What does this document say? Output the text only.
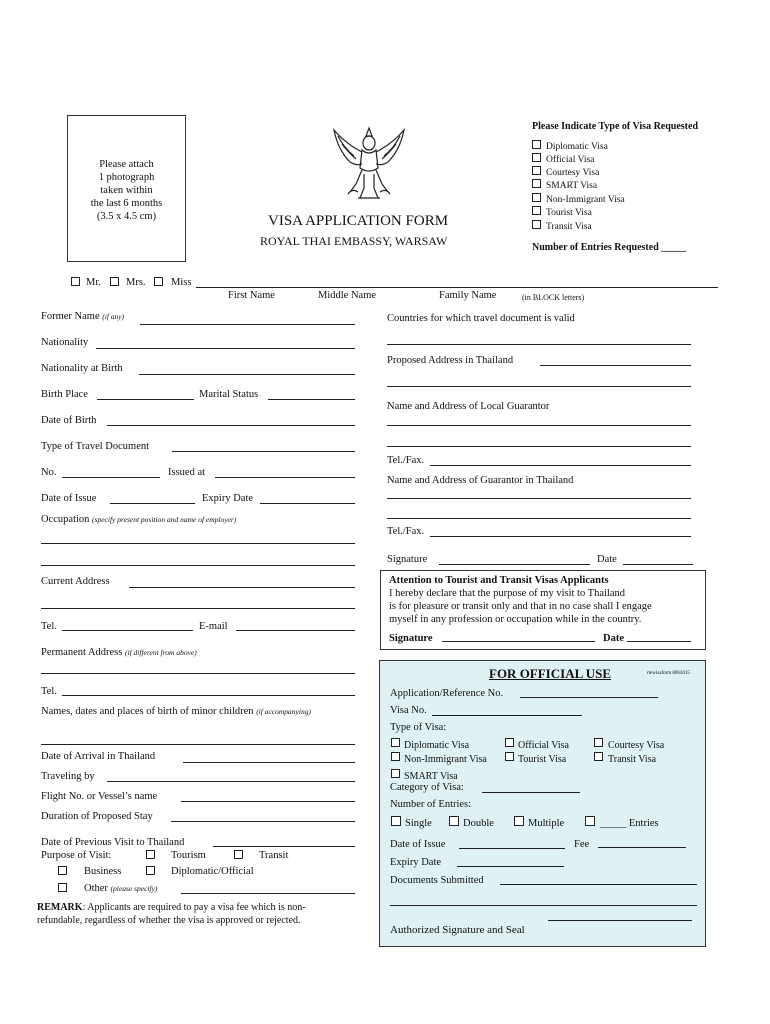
Please attach
1 photograph
taken within
the last 6 months
(3.5 x 4.5 cm)	VISA APPLICATION FORM
ROYAL THAI EMBASSY, WARSAW
Please Indicate Type of Visa Requested
Diplomatic Visa
Official Visa
Courtesy Visa
SMART Visa
Non-Immigrant Visa
Tourist Visa
Transit Visa
Number of Entries Requested _____
Mr. Mrs. Miss
First Name	Middle Name	Family Name	(in BLOCK letters)
Former Name (if any)
Nationality
Nationality at Birth
Birth Place	Marital Status
Date of Birth
Type of Travel Document
No.	Issued at
Date of Issue	Expiry Date
Occupation (specify present position and name of employer)
Current Address
Tel.	E-mail
Permanent Address (if different from above)
Tel.
Names, dates and places of birth of minor children (if accompanying)
Date of Arrival in Thailand
Traveling by
Flight No. or Vessel’s name
Duration of Proposed Stay
Date of Previous Visit to Thailand
Purpose of Visit:	Tourism	Transit
Business	Diplomatic/Official
Other (please specify)
REMARK: Applicants are required to pay a visa fee which is non-
refundable, regardless of whether the visa is approved or rejected.
Countries for which travel document is valid
Proposed Address in Thailand
Name and Address of Local Guarantor
Tel./Fax.
Name and Address of Guarantor in Thailand
Tel./Fax.
Signature	Date
Attention to Tourist and Transit Visas Applicants
I hereby declare that the purpose of my visit to Thailand
is for pleasure or transit only and that in no case shall I engage
myself in any profession or occupation while in the country.
Signature	Date
FOR OFFICIAL USE	rtewisaform 8062015
Application/Reference No.
Visa No.
Type of Visa:
Diplomatic Visa	Official Visa	Courtesy Visa
Non-Immigrant Visa	Tourist Visa	Transit Visa
SMART Visa
Category of Visa:
Number of Entries:
Single	Double	Multiple	_____ Entries
Date of Issue	Fee
Expiry Date
Documents Submitted
Authorized Signature and Seal
